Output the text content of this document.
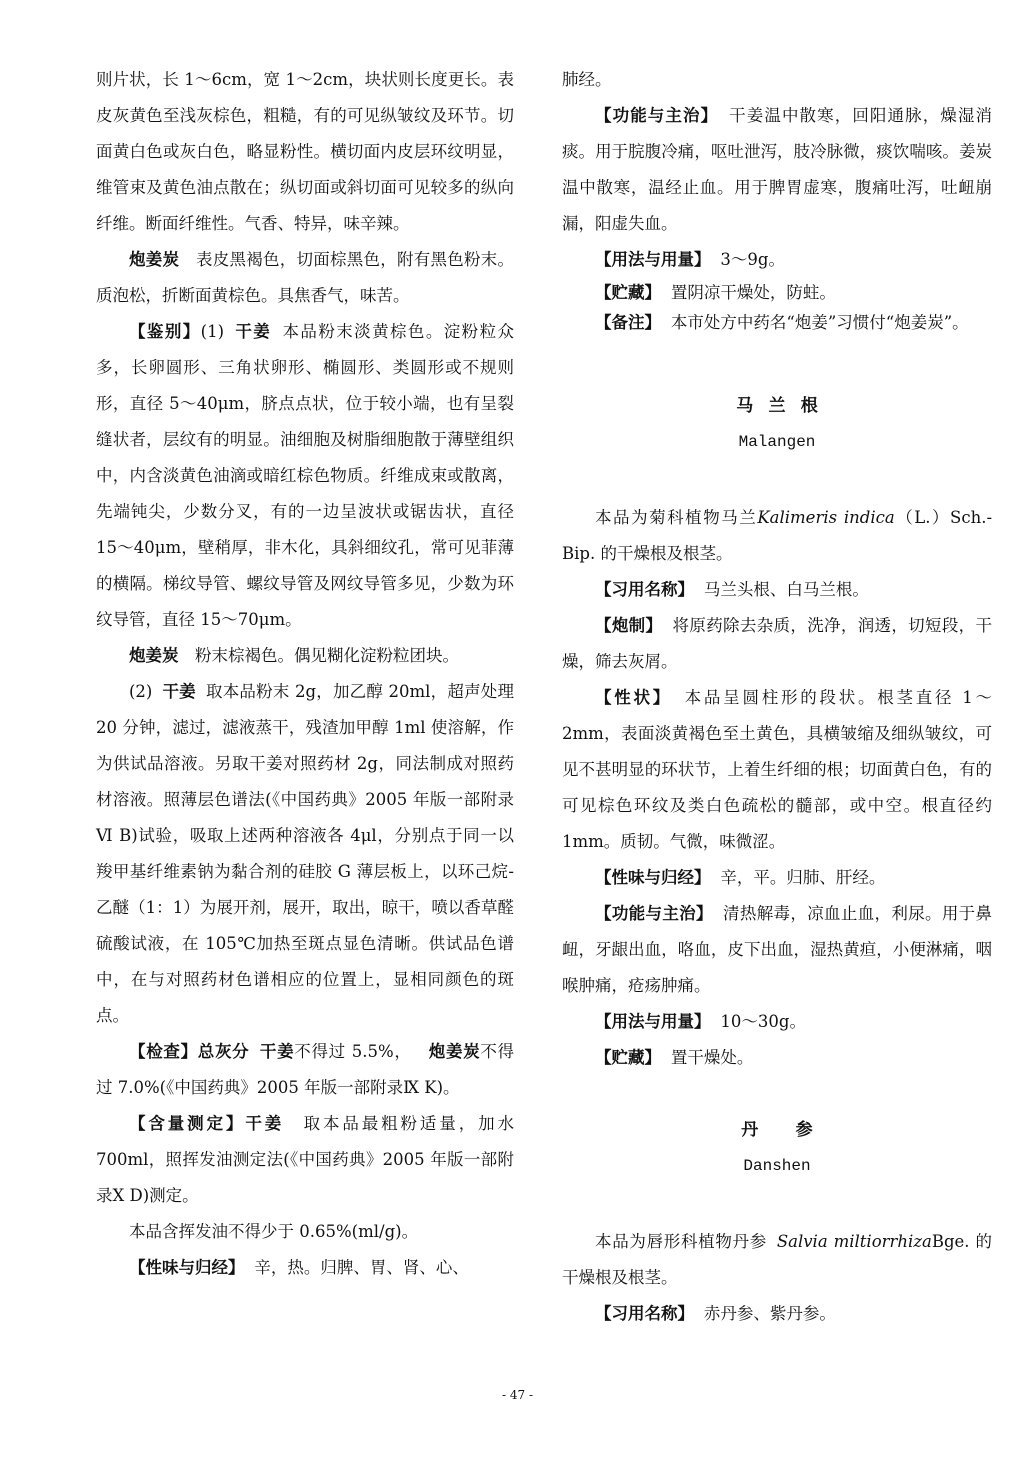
则片状，长 1～6cm，宽 1～2cm，块状则长度更长。表皮灰黄色至浅灰棕色，粗糙，有的可见纵皱纹及环节。切面黄白色或灰白色，略显粉性。横切面内皮层环纹明显，维管束及黄色油点散在；纵切面或斜切面可见较多的纵向纤维。断面纤维性。气香、特异，味辛辣。

炮姜炭 表皮黑褐色，切面棕黑色，附有黑色粉末。质泡松，折断面黄棕色。具焦香气，味苦。

【鉴别】(1) 干姜 本品粉末淡黄棕色。淀粉粒众多，长卵圆形、三角状卵形、椭圆形、类圆形或不规则形，直径 5～40μm，脐点点状，位于较小端，也有呈裂缝状者，层纹有的明显。油细胞及树脂细胞散于薄壁组织中，内含淡黄色油滴或暗红棕色物质。纤维成束或散离，先端钝尖，少数分叉，有的一边呈波状或锯齿状，直径 15～40μm，壁稍厚，非木化，具斜细纹孔，常可见菲薄的横隔。梯纹导管、螺纹导管及网纹导管多见，少数为环纹导管，直径 15～70μm。

炮姜炭 粉末棕褐色。偶见糊化淀粉粒团块。

(2) 干姜 取本品粉末 2g，加乙醇 20ml，超声处理 20 分钟，滤过，滤液蒸干，残渣加甲醇 1ml 使溶解，作为供试品溶液。另取干姜对照药材 2g，同法制成对照药材溶液。照薄层色谱法(《中国药典》2005 年版一部附录Ⅵ B)试验，吸取上述两种溶液各 4μl，分别点于同一以羧甲基纤维素钠为黏合剂的硅胶 G 薄层板上，以环己烷-乙醚（1：1）为展开剂，展开，取出，晾干，喷以香草醛硫酸试液，在 105℃加热至斑点显色清晰。供试品色谱中，在与对照药材色谱相应的位置上，显相同颜色的斑点。

【检查】总灰分 干姜不得过 5.5%， 炮姜炭不得过 7.0%(《中国药典》2005 年版一部附录Ⅸ K)。

【含量测定】干姜 取本品最粗粉适量，加水 700ml，照挥发油测定法(《中国药典》2005 年版一部附录Ⅹ D)测定。

本品含挥发油不得少于 0.65%(ml/g)。

【性味与归经】 辛，热。归脾、胃、肾、心、

肺经。

【功能与主治】 干姜温中散寒，回阳通脉，燥湿消痰。用于脘腹冷痛，呕吐泄泻，肢冷脉微，痰饮喘咳。姜炭温中散寒，温经止血。用于脾胃虚寒，腹痛吐泻，吐衄崩漏，阳虚失血。

【用法与用量】 3～9g。

【贮藏】 置阴凉干燥处，防蛀。

【备注】 本市处方中药名“炮姜”习惯付“炮姜炭”。

马兰根

Malangen

本品为菊科植物马兰Kalimeris indica（L.）Sch.-Bip. 的干燥根及根茎。

【习用名称】 马兰头根、白马兰根。

【炮制】 将原药除去杂质，洗净，润透，切短段，干燥，筛去灰屑。

【性状】 本品呈圆柱形的段状。根茎直径 1～2mm，表面淡黄褐色至土黄色，具横皱缩及细纵皱纹，可见不甚明显的环状节，上着生纤细的根；切面黄白色，有的可见棕色环纹及类白色疏松的髓部，或中空。根直径约 1mm。质韧。气微，味微涩。

【性味与归经】 辛，平。归肺、肝经。

【功能与主治】 清热解毒，凉血止血，利尿。用于鼻衄，牙龈出血，咯血，皮下出血，湿热黄疸，小便淋痛，咽喉肿痛，疮疡肿痛。

【用法与用量】 10～30g。

【贮藏】 置干燥处。

丹参

Danshen

本品为唇形科植物丹参 Salvia miltiorrhizaBge. 的干燥根及根茎。

【习用名称】 赤丹参、紫丹参。

- 47 -
